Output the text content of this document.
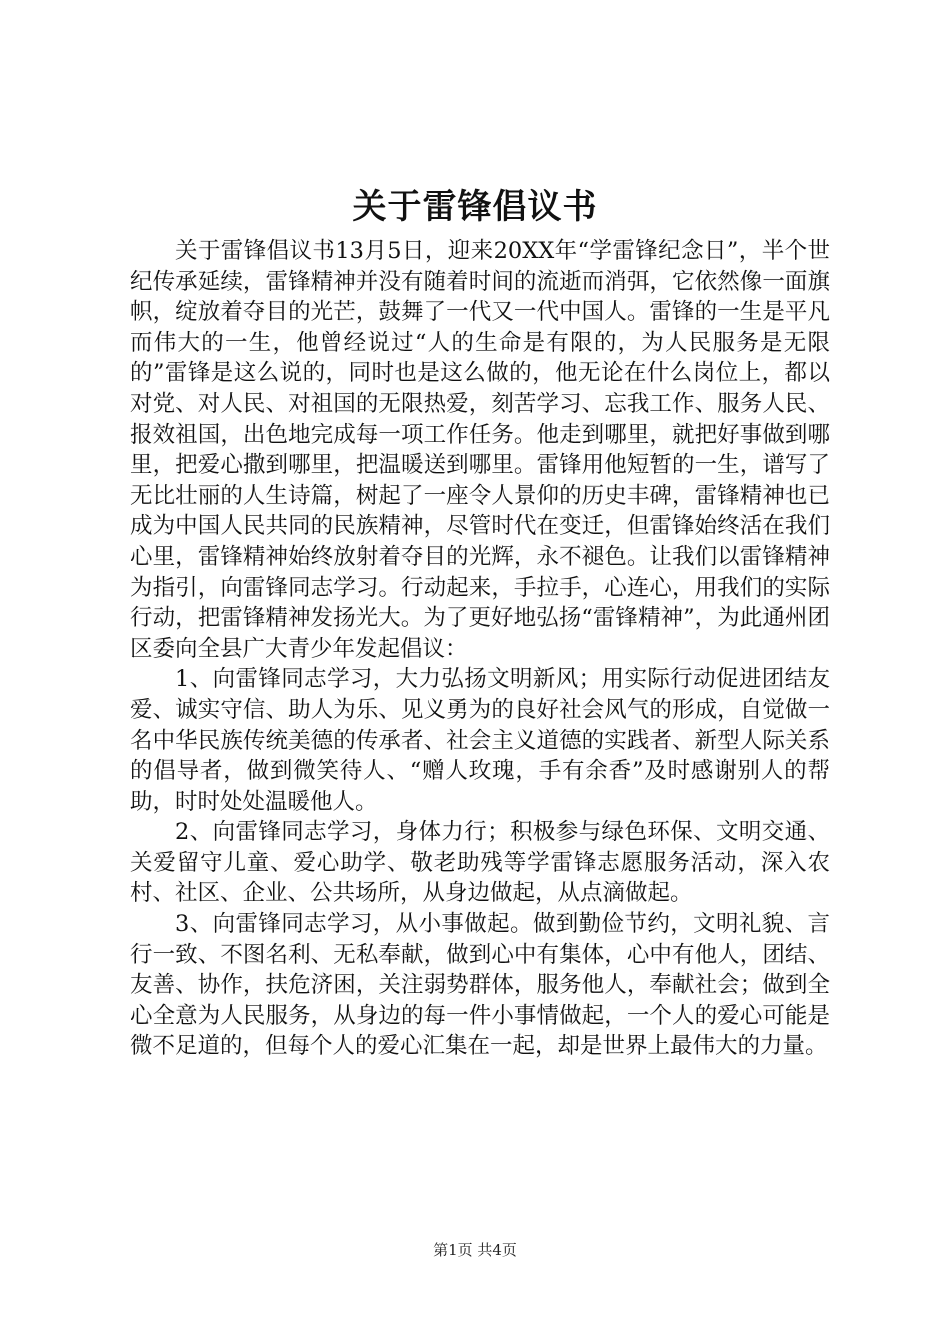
关于雷锋倡议书

关于雷锋倡议书13月5日，迎来20XX年“学雷锋纪念日”，半个世纪传承延续，雷锋精神并没有随着时间的流逝而消弭，它依然像一面旗帜，绽放着夺目的光芒，鼓舞了一代又一代中国人。雷锋的一生是平凡而伟大的一生，他曾经说过“人的生命是有限的，为人民服务是无限的”雷锋是这么说的，同时也是这么做的，他无论在什么岗位上，都以对党、对人民、对祖国的无限热爱，刻苦学习、忘我工作、服务人民、报效祖国，出色地完成每一项工作任务。他走到哪里，就把好事做到哪里，把爱心撒到哪里，把温暖送到哪里。雷锋用他短暂的一生，谱写了无比壮丽的人生诗篇，树起了一座令人景仰的历史丰碑，雷锋精神也已成为中国人民共同的民族精神，尽管时代在变迁，但雷锋始终活在我们心里，雷锋精神始终放射着夺目的光辉，永不褪色。让我们以雷锋精神为指引，向雷锋同志学习。行动起来，手拉手，心连心，用我们的实际行动，把雷锋精神发扬光大。为了更好地弘扬“雷锋精神”，为此通州团区委向全县广大青少年发起倡议：

1、向雷锋同志学习，大力弘扬文明新风；用实际行动促进团结友爱、诚实守信、助人为乐、见义勇为的良好社会风气的形成，自觉做一名中华民族传统美德的传承者、社会主义道德的实践者、新型人际关系的倡导者，做到微笑待人、“赠人玫瑰，手有余香”及时感谢别人的帮助，时时处处温暖他人。

2、向雷锋同志学习，身体力行；积极参与绿色环保、文明交通、关爱留守儿童、爱心助学、敬老助残等学雷锋志愿服务活动，深入农村、社区、企业、公共场所，从身边做起，从点滴做起。

3、向雷锋同志学习，从小事做起。做到勤俭节约，文明礼貌、言行一致、不图名利、无私奉献，做到心中有集体，心中有他人，团结、友善、协作，扶危济困，关注弱势群体，服务他人，奉献社会；做到全心全意为人民服务，从身边的每一件小事情做起，一个人的爱心可能是微不足道的，但每个人的爱心汇集在一起，却是世界上最伟大的力量。

第1页 共4页
